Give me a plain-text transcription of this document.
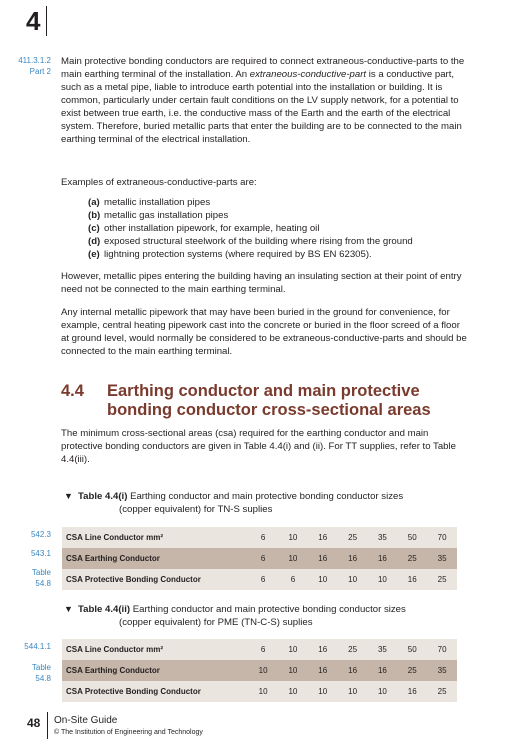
4
411.3.1.2
Part 2
542.3
543.1
Table
54.8
544.1.1
Table
54.8

Main protective bonding conductors are required to connect extraneous-conductive-parts to the main earthing terminal of the installation. An extraneous-conductive-part is a conductive part, such as a metal pipe, liable to introduce earth potential into the installation or building. It is common, particularly under certain fault conditions on the LV supply network, for a potential to exist between true earth, i.e. the conductive mass of the Earth and the earth of the electrical system. Therefore, buried metallic parts that enter the building are to be connected to the main earthing terminal of the electrical installation.

Examples of extraneous-conductive-parts are:

(a) metallic installation pipes
(b) metallic gas installation pipes
(c) other installation pipework, for example, heating oil
(d) exposed structural steelwork of the building where rising from the ground
(e) lightning protection systems (where required by BS EN 62305).

However, metallic pipes entering the building having an insulating section at their point of entry need not be connected to the main earthing terminal.

Any internal metallic pipework that may have been buried in the ground for convenience, for example, central heating pipework cast into the concrete or buried in the floor screed of a floor at ground level, would normally be considered to be extraneous-conductive-parts and should be connected to the main earthing terminal.

4.4 Earthing conductor and main protective
bonding conductor cross-sectional areas

The minimum cross-sectional areas (csa) required for the earthing conductor and main protective bonding conductors are given in Table 4.4(i) and (ii). For TT supplies, refer to Table 4.4(iii).

▼ Table 4.4(i) Earthing conductor and main protective bonding conductor sizes
(copper equivalent) for TN-S suplies
CSA Line Conductor mm²	6	10	16	25	35	50	70
CSA Earthing Conductor	6	10	16	16	16	25	35
CSA Protective Bonding Conductor	6	6	10	10	10	16	25
▼ Table 4.4(ii) Earthing conductor and main protective bonding conductor sizes
(copper equivalent) for PME (TN-C-S) suplies
CSA Line Conductor mm²	6	10	16	25	35	50	70
CSA Earthing Conductor	10	10	16	16	16	25	35
CSA Protective Bonding Conductor	10	10	10	10	10	16	25
48 On-Site Guide
© The Institution of Engineering and Technology
